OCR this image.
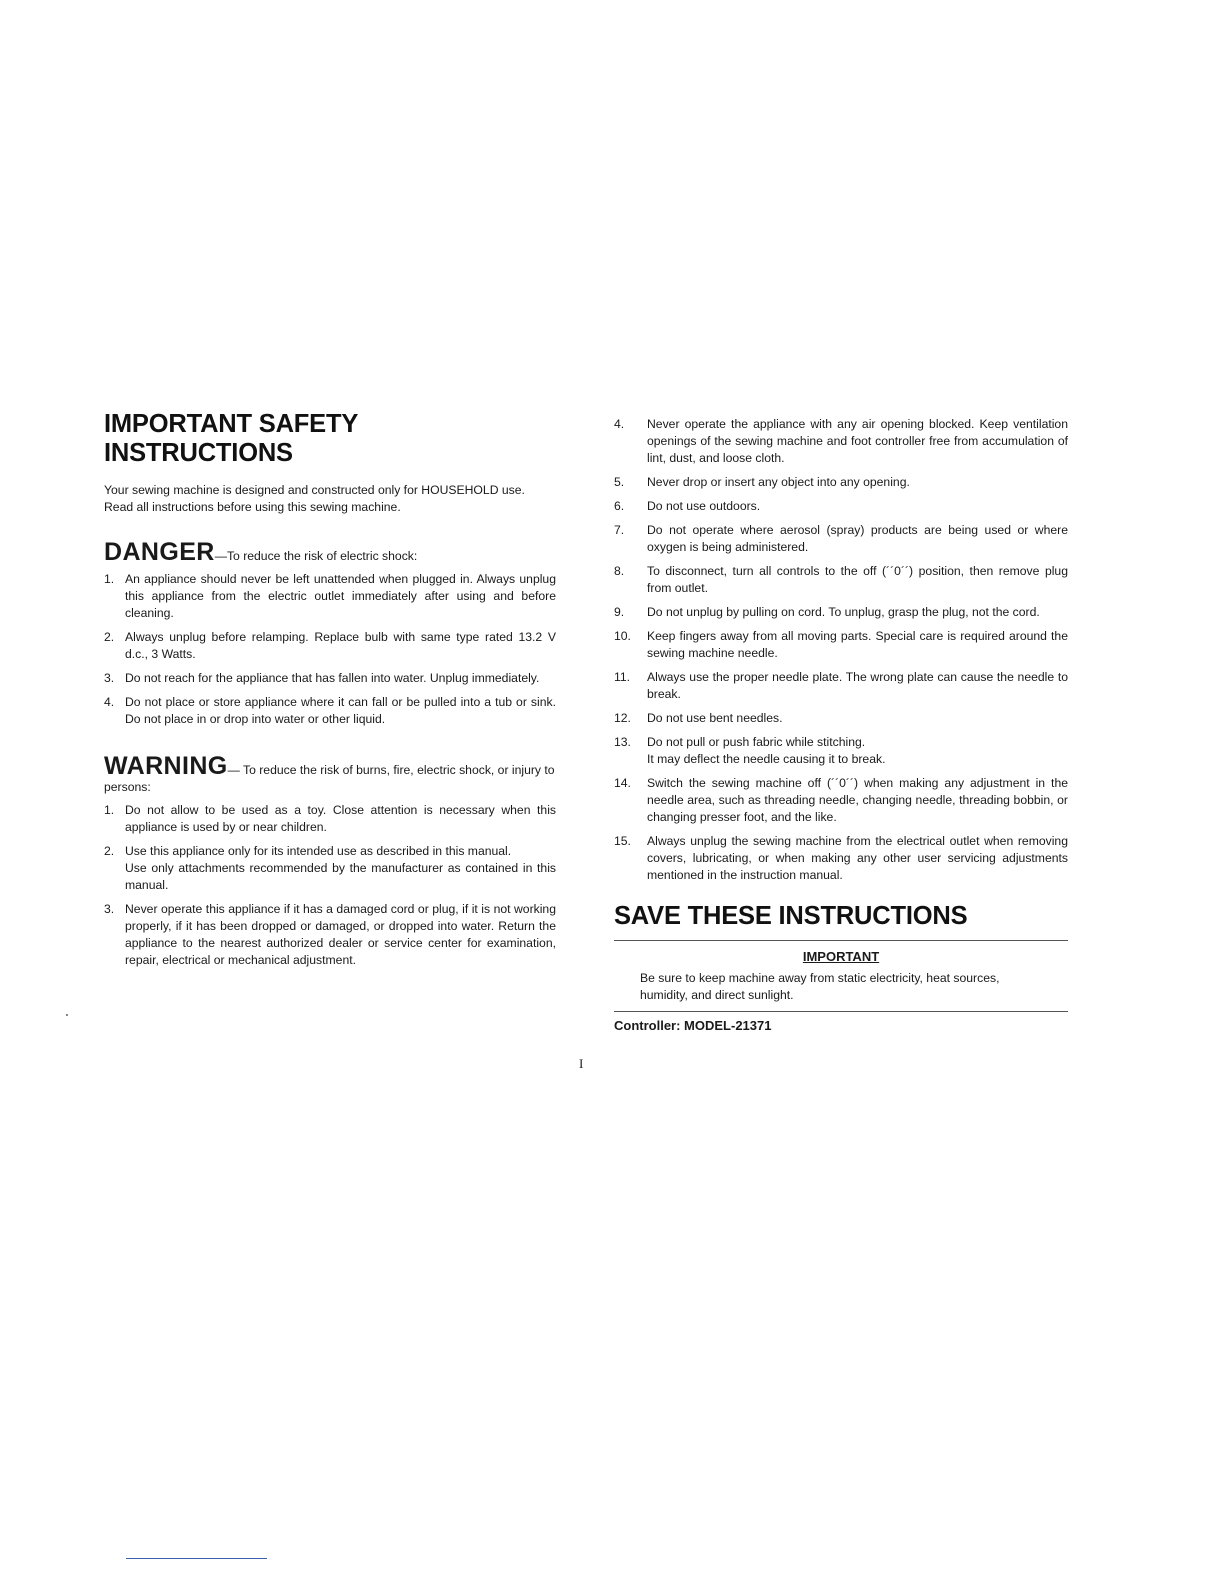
IMPORTANT SAFETY
INSTRUCTIONS

Your sewing machine is designed and constructed only for HOUSEHOLD use. Read all instructions before using this sewing machine.

DANGER—To reduce the risk of electric shock:

1. An appliance should never be left unattended when plugged in. Always unplug this appliance from the electric outlet immediately after using and before cleaning.
2. Always unplug before relamping. Replace bulb with same type rated 13.2 V d.c., 3 Watts.
3. Do not reach for the appliance that has fallen into water. Unplug immediately.
4. Do not place or store appliance where it can fall or be pulled into a tub or sink. Do not place in or drop into water or other liquid.

WARNING— To reduce the risk of burns, fire, electric shock, or injury to persons:

1. Do not allow to be used as a toy. Close attention is necessary when this appliance is used by or near children.
2. Use this appliance only for its intended use as described in this manual.
Use only attachments recommended by the manufacturer as contained in this manual.
3. Never operate this appliance if it has a damaged cord or plug, if it is not working properly, if it has been dropped or damaged, or dropped into water. Return the appliance to the nearest authorized dealer or service center for examination, repair, electrical or mechanical adjustment.
4. Never operate the appliance with any air opening blocked. Keep ventilation openings of the sewing machine and foot controller free from accumulation of lint, dust, and loose cloth.
5. Never drop or insert any object into any opening.
6. Do not use outdoors.
7. Do not operate where aerosol (spray) products are being used or where oxygen is being administered.
8. To disconnect, turn all controls to the off (´´0´´) position, then remove plug from outlet.
9. Do not unplug by pulling on cord. To unplug, grasp the plug, not the cord.
10. Keep fingers away from all moving parts. Special care is required around the sewing machine needle.
11. Always use the proper needle plate. The wrong plate can cause the needle to break.
12. Do not use bent needles.
13. Do not pull or push fabric while stitching.
It may deflect the needle causing it to break.
14. Switch the sewing machine off (´´0´´) when making any adjustment in the needle area, such as threading needle, changing needle, threading bobbin, or changing presser foot, and the like.
15. Always unplug the sewing machine from the electrical outlet when removing covers, lubricating, or when making any other user servicing adjustments mentioned in the instruction manual.
SAVE THESE INSTRUCTIONS
IMPORTANT
Be sure to keep machine away from static electricity, heat sources,
humidity, and direct sunlight.
Controller: MODEL-21371
I
